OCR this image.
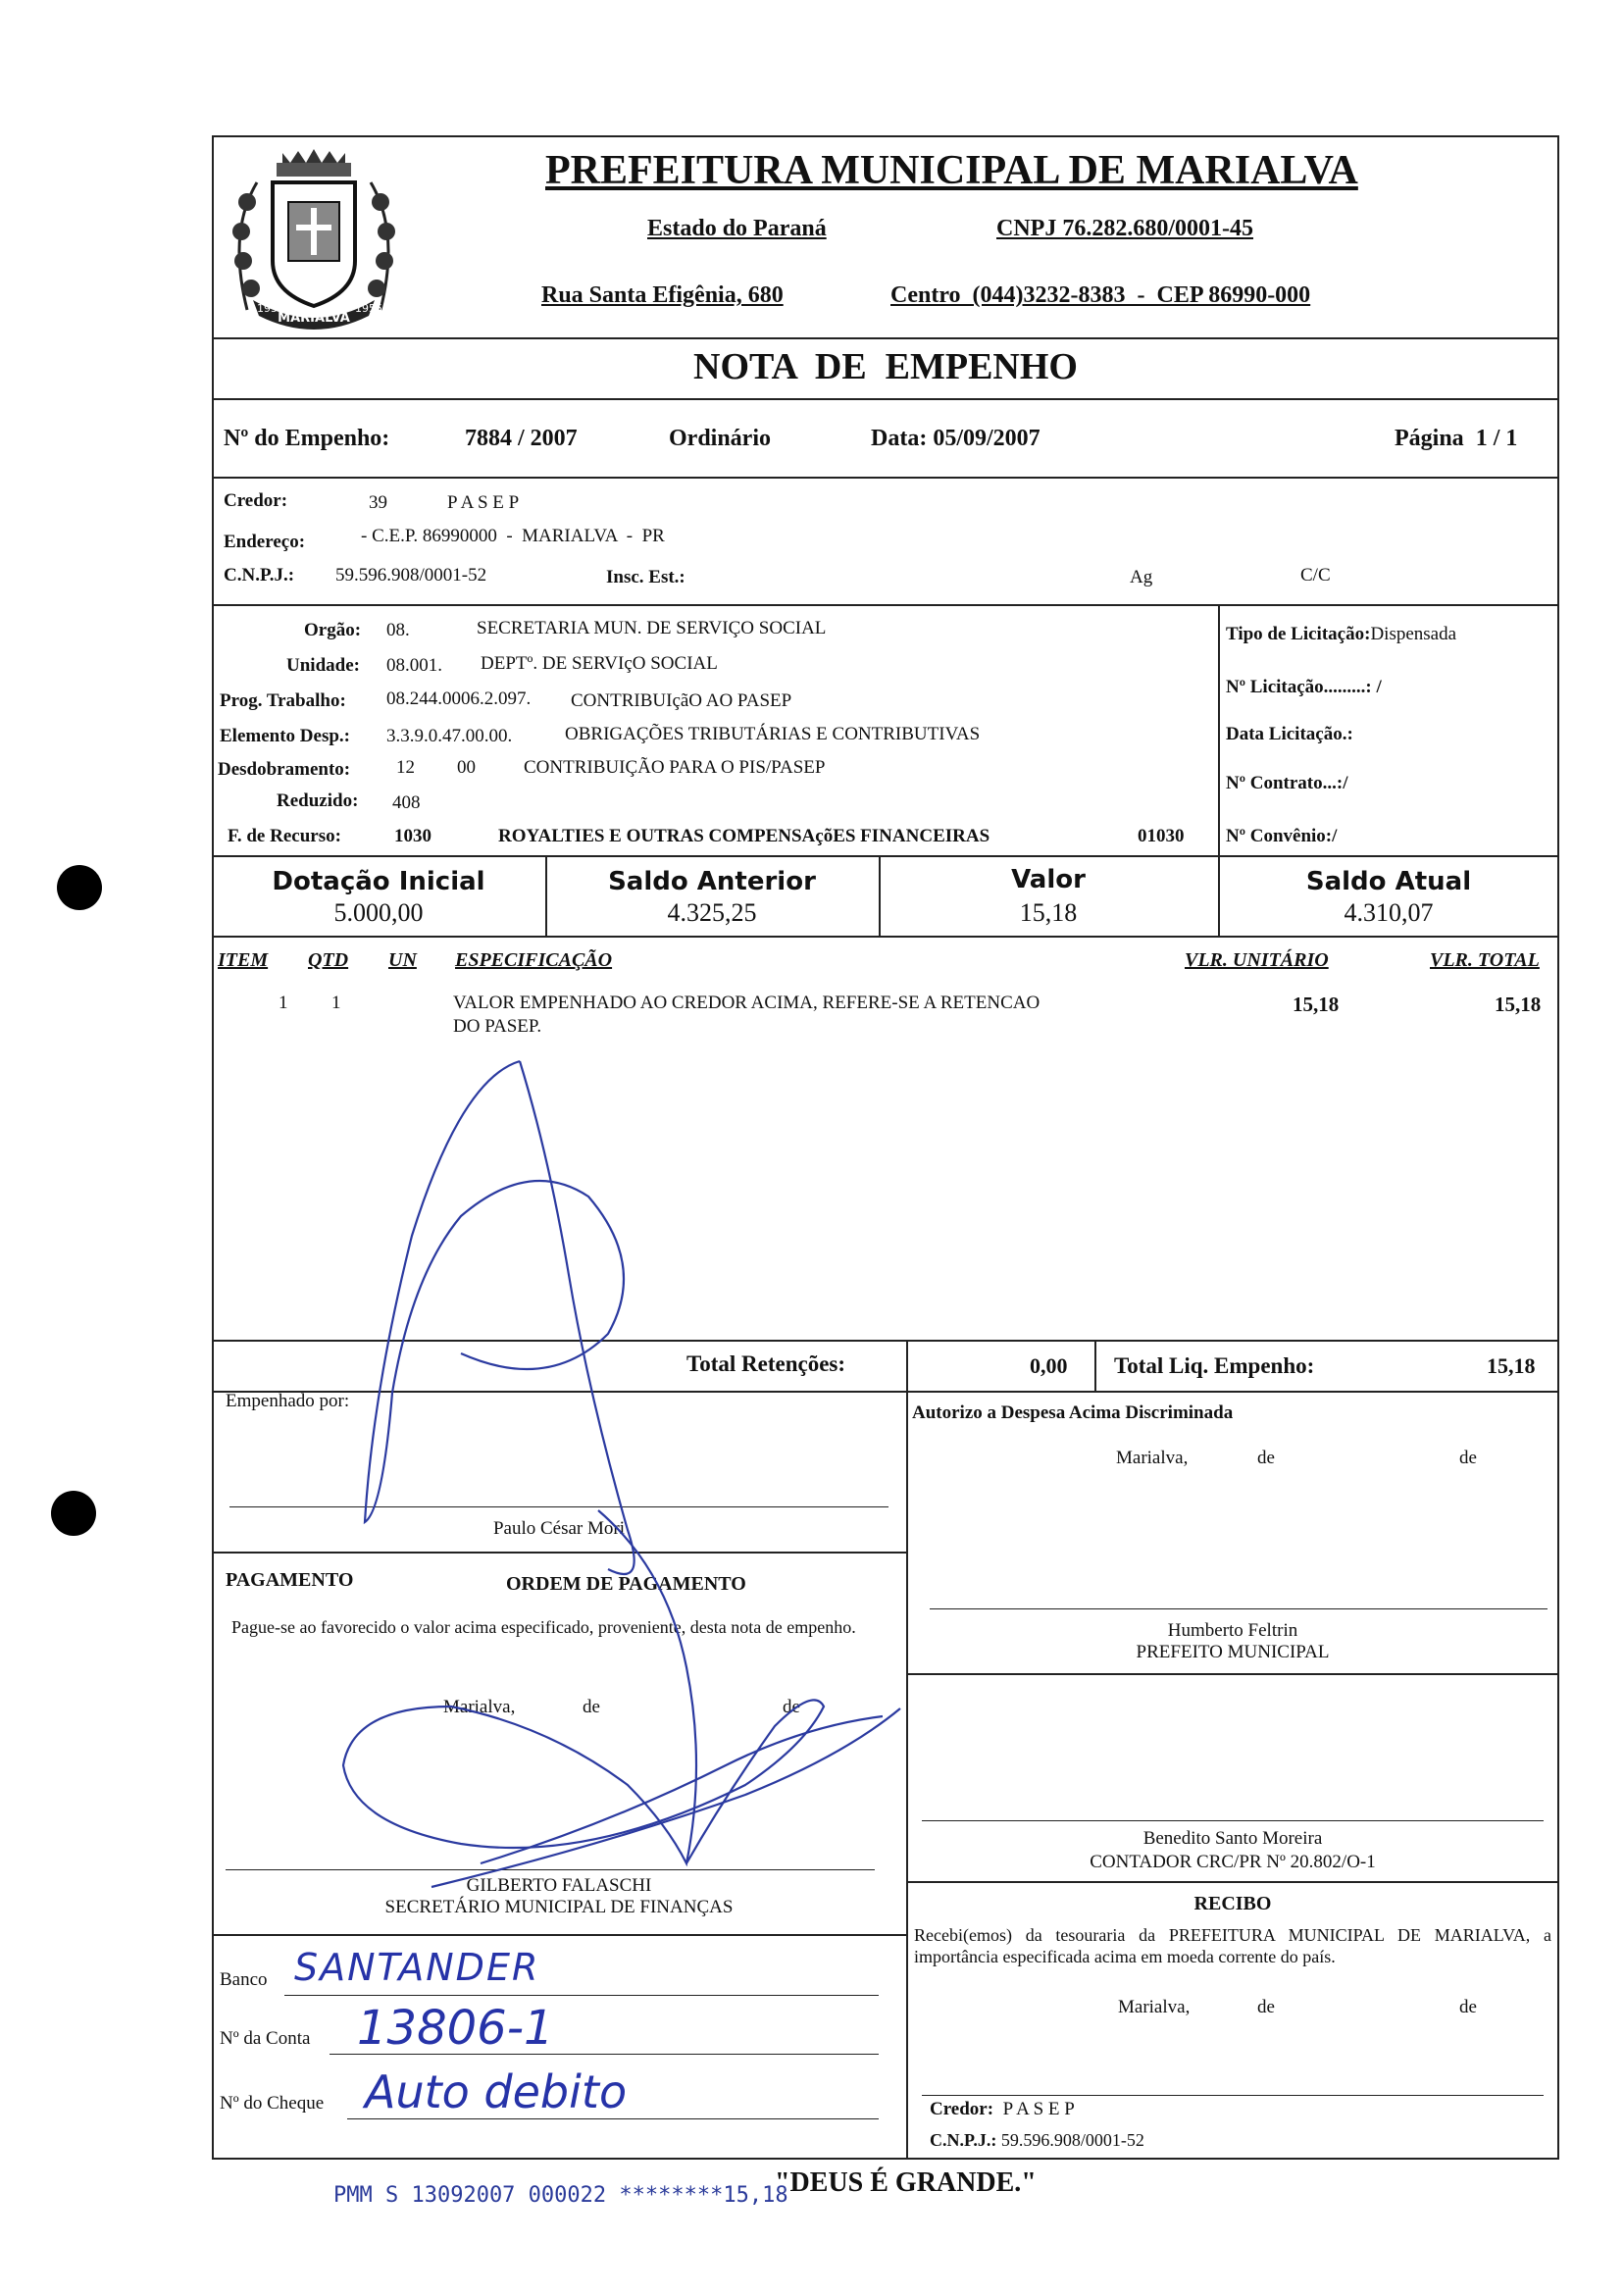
MARIALVA
1951	1955
PREFEITURA MUNICIPAL DE MARIALVA
Estado do Paraná	CNPJ 76.282.680/0001-45
Rua Santa Efigênia, 680	Centro  (044)3232-8383  -  CEP 86990-000
NOTA  DE  EMPENHO
Nº do Empenho:	7884 / 2007	Ordinário	Data: 05/09/2007	Página 1 / 1
Credor:	39	P A S E P
Endereço:	- C.E.P. 86990000  -  MARIALVA  -  PR
C.N.P.J.: 59.596.908/0001-52	Insc. Est.:	Ag	C/C
Orgão: 08.	SECRETARIA MUN. DE SERVIÇO SOCIAL
Unidade: 08.001. DEPTº. DE SERVIçO SOCIAL
Prog. Trabalho: 08.244.0006.2.097. CONTRIBUIçãO AO PASEP
Elemento Desp.: 3.3.9.0.47.00.00.	OBRIGAÇÕES TRIBUTÁRIAS E CONTRIBUTIVAS
Desdobramento: 12 00	CONTRIBUIÇÃO PARA O PIS/PASEP
Reduzido: 408
F. de Recurso:	1030	ROYALTIES E OUTRAS COMPENSAçõES FINANCEIRAS	01030
Tipo de Licitação:Dispensada
Nº Licitação.........: /
Data Licitação.:
Nº Contrato...:/
Nº Convênio:/
Dotação Inicial
5.000,00
Saldo Anterior
4.325,25
Valor
15,18
Saldo Atual
4.310,07
ITEM QTD UN ESPECIFICAÇÃO	VLR. UNITÁRIO	VLR. TOTAL
1 1	VALOR EMPENHADO AO CREDOR ACIMA, REFERE-SE A RETENCAO
DO PASEP.
15,18	15,18
Total Retenções:	0,00 Total Liq. Empenho:	15,18
Empenhado por:
Paulo César Mori
Autorizo a Despesa Acima Discriminada
Marialva,	de	de
Humberto Feltrin
PREFEITO MUNICIPAL
PAGAMENTO	ORDEM DE PAGAMENTO
Pague-se ao favorecido o valor acima especificado, proveniente, desta nota de empenho.
Marialva,	de	de
GILBERTO FALASCHI
SECRETÁRIO MUNICIPAL DE FINANÇAS
Benedito Santo Moreira
CONTADOR CRC/PR Nº 20.802/O-1
RECIBO
Recebi(emos) da tesouraria da PREFEITURA MUNICIPAL DE MARIALVA, a importância especificada acima em moeda corrente do país.
Marialva,	de	de
Credor: P A S E P
C.N.P.J.: 59.596.908/0001-52
Banco SANTANDER
Nº da Conta 13806-1
Nº do Cheque Auto debito
PMM S 13092007 000022 ********15,18
"DEUS É GRANDE."
